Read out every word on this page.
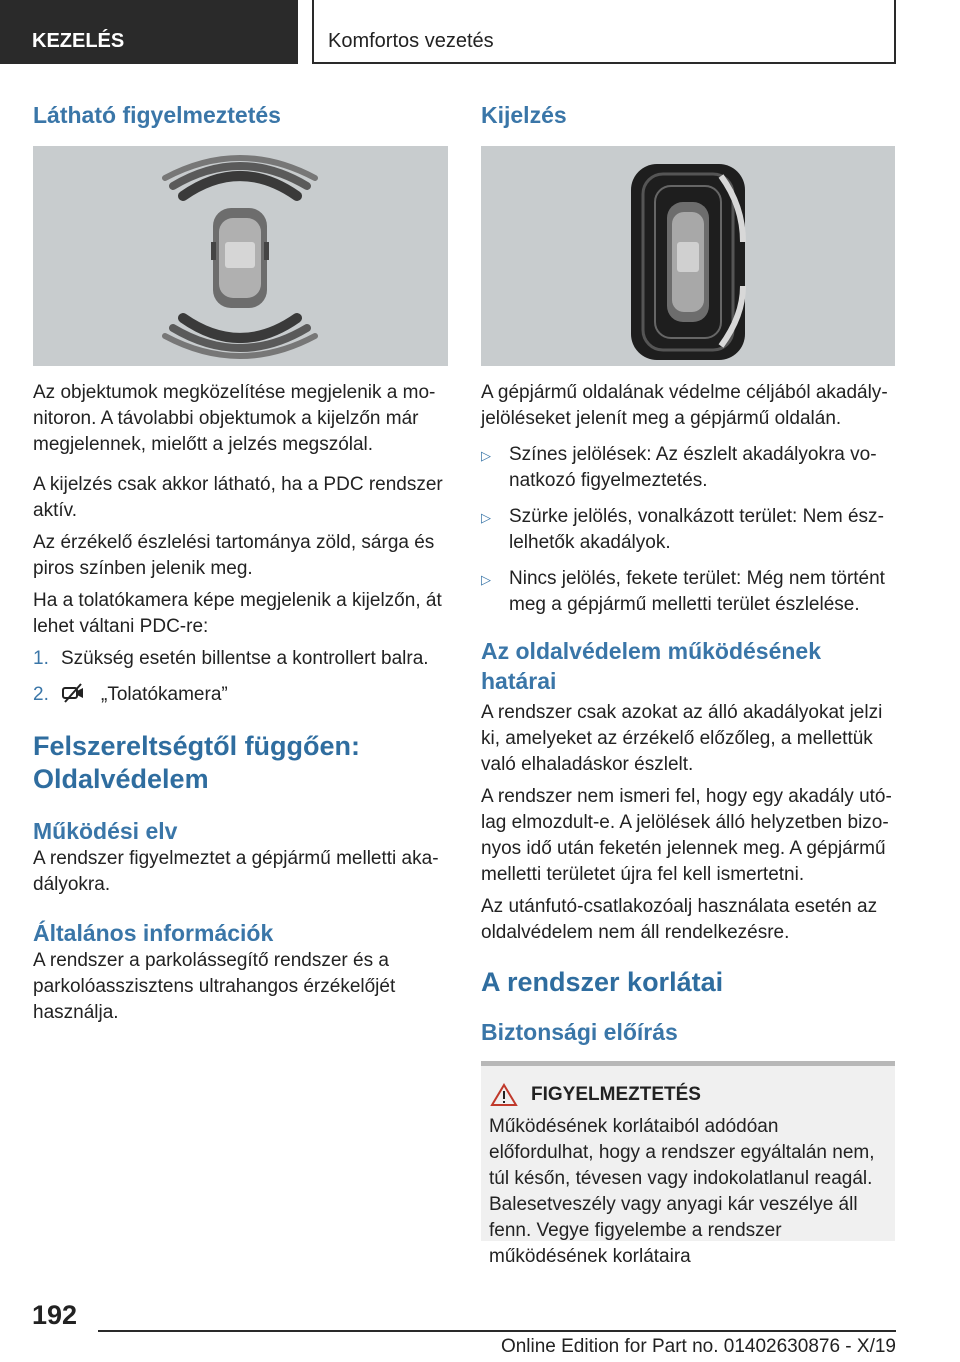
KEZELÉS	Komfortos vezetés
Látható figyelmeztetés

Az objektumok megközelítése megjelenik a monitoron. A távolabbi objektumok a kijelzőn már megjelennek, mielőtt a jelzés megszólal.

A kijelzés csak akkor látható, ha a PDC rendszer aktív.

Az érzékelő észlelési tartománya zöld, sárga és piros színben jelenik meg.

Ha a tolatókamera képe megjelenik a kijelzőn, át lehet váltani PDC-re:

1. Szükség esetén billentse a kontrollert balra.
2.	„Tolatókamera”
Felszereltségtől függően: Oldalvédelem
Működési elv

A rendszer figyelmeztet a gépjármű melletti akadályokra.

Általános információk

A rendszer a parkolássegítő rendszer és a parkolóasszisztens ultrahangos érzékelőjét használja.

Kijelzés

A gépjármű oldalának védelme céljából akadályjelöléseket jelenít meg a gépjármű oldalán.

▷ Színes jelölések: Az észlelt akadályokra vonatkozó figyelmeztetés.
▷ Szürke jelölés, vonalkázott terület: Nem észlelhetők akadályok.
▷ Nincs jelölés, fekete terület: Még nem történt meg a gépjármű melletti terület észlelése.
Az oldalvédelem működésének határai

A rendszer csak azokat az álló akadályokat jelzi ki, amelyeket az érzékelő előzőleg, a mellettük való elhaladáskor észlelt.

A rendszer nem ismeri fel, hogy egy akadály utólag elmozdult-e. A jelölések álló helyzetben bizonyos idő után feketén jelennek meg. A gépjármű melletti területet újra fel kell ismertetni.

Az utánfutó-csatlakozóalj használata esetén az oldalvédelem nem áll rendelkezésre.

A rendszer korlátai
Biztonsági előírás
FIGYELMEZTETÉS

Működésének korlátaiból adódóan előfordulhat, hogy a rendszer egyáltalán nem, túl későn, tévesen vagy indokolatlanul reagál. Balesetveszély vagy anyagi kár veszélye áll fenn. Vegye figyelembe a rendszer működésének korlátaira

192
Online Edition for Part no. 01402630876 - X/19
